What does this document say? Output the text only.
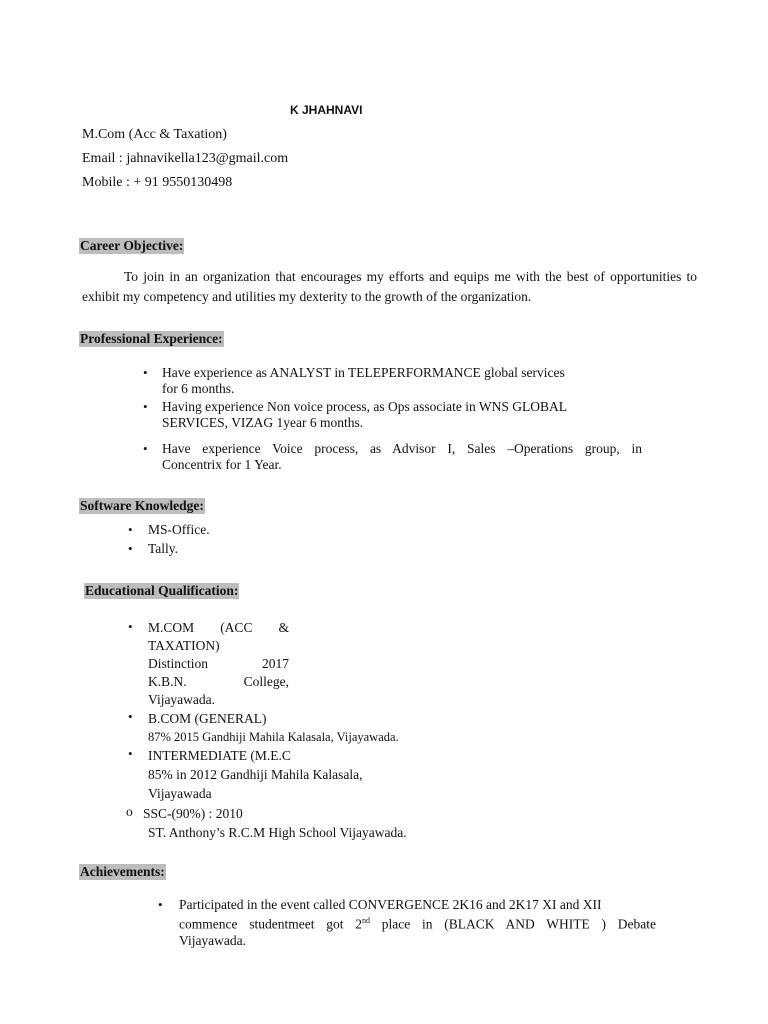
K JHAHNAVI
M.Com (Acc & Taxation)
Email : jahnavikella123@gmail.com
Mobile : + 91 9550130498
Career Objective:
To join in an organization that encourages my efforts and equips me with the best of opportunities to exhibit my competency and utilities my dexterity to the growth of the organization.
Professional Experience:
• Have experience as ANALYST in TELEPERFORMANCE global services
for 6 months.
• Having experience Non voice process, as Ops associate in WNS GLOBAL
SERVICES, VIZAG 1year 6 months.
• Have experience Voice process, as Advisor I, Sales –Operations group, in
Concentrix for 1 Year.
Software Knowledge:
• MS-Office.
• Tally.
Educational Qualification:
• M.COM (ACC &
TAXATION)
Distinction 2017
K.B.N. College,
Vijayawada.
• B.COM (GENERAL)
87% 2015 Gandhiji Mahila Kalasala, Vijayawada.
• INTERMEDIATE (M.E.C
85% in 2012 Gandhiji Mahila Kalasala,
Vijayawada
o SSC-(90%) : 2010
ST. Anthony’s R.C.M High School Vijayawada.
Achievements:
• Participated in the event called CONVERGENCE 2K16 and 2K17 XI and XII
commence studentmeet got 2nd place in (BLACK AND WHITE ) Debate
Vijayawada.
